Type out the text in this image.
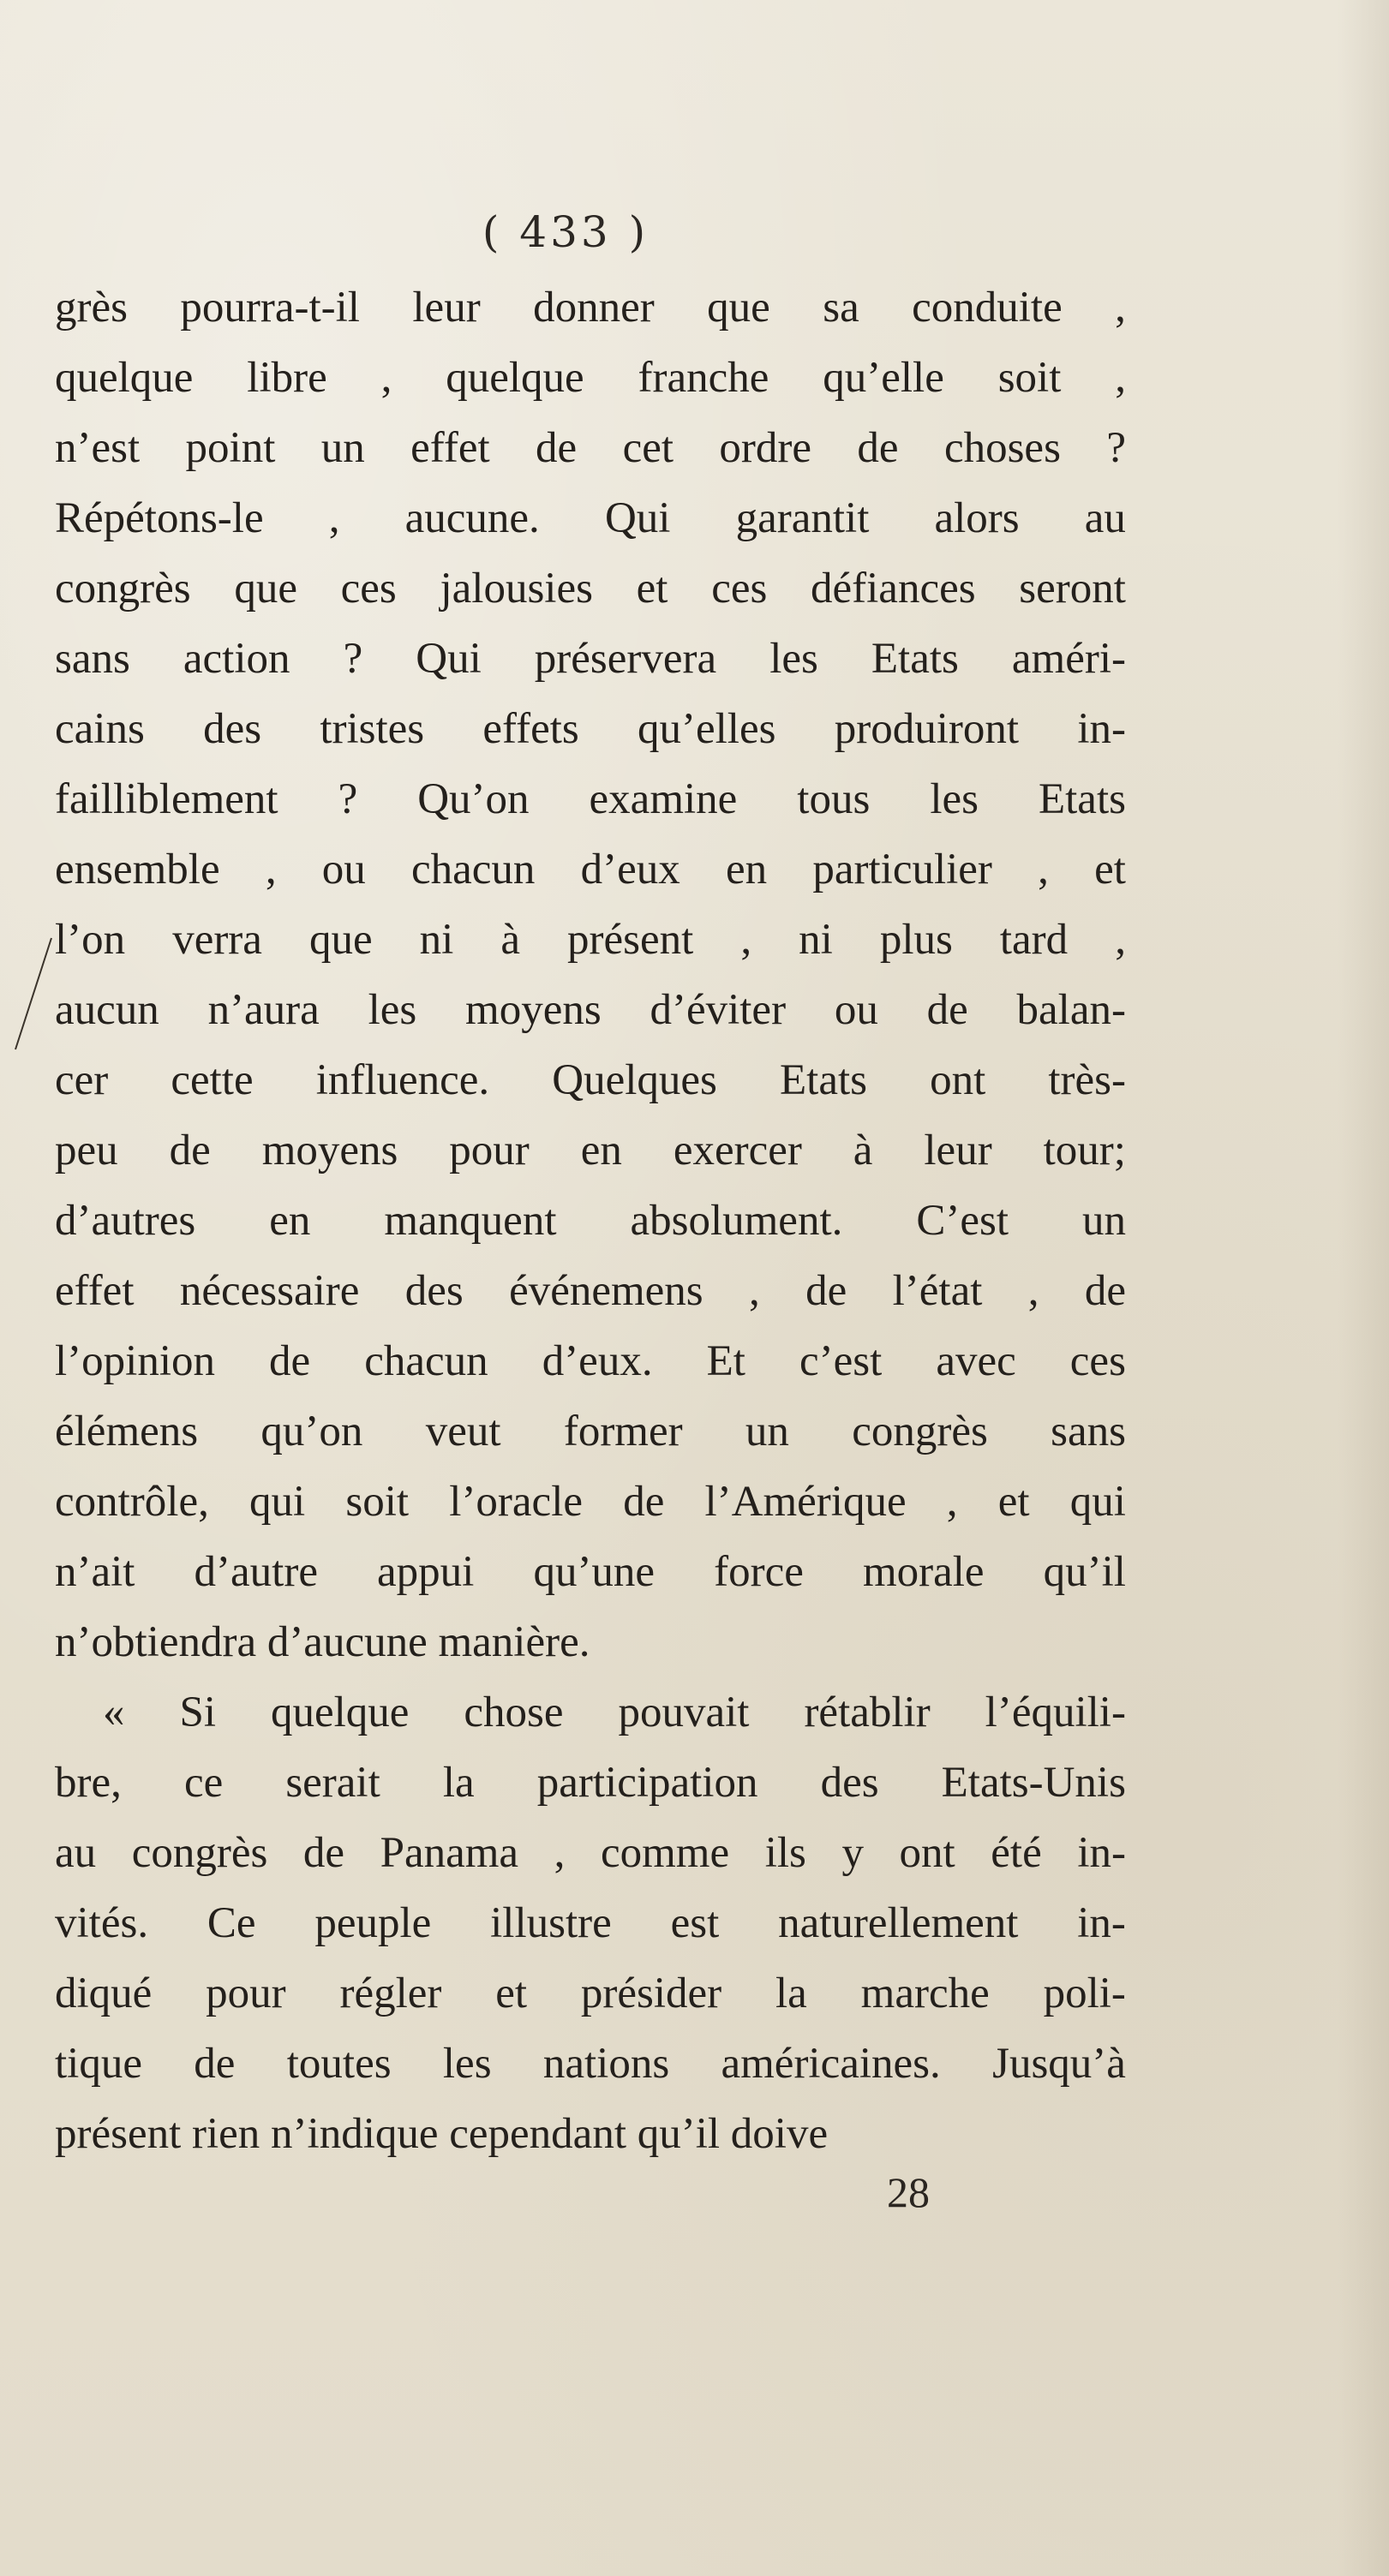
( 433 )
grès pourra-t-il leur donner que sa conduite ,
quelque libre , quelque franche qu’elle soit ,
n’est point un effet de cet ordre de choses ?
Répétons-le , aucune. Qui garantit alors au
congrès que ces jalousies et ces défiances seront
sans action ? Qui préservera les Etats améri-
cains des tristes effets qu’elles produiront in-
failliblement ? Qu’on examine tous les Etats
ensemble , ou chacun d’eux en particulier , et
l’on verra que ni à présent , ni plus tard ,
aucun n’aura les moyens d’éviter ou de balan-
cer cette influence. Quelques Etats ont très-
peu de moyens pour en exercer à leur tour;
d’autres en manquent absolument. C’est un
effet nécessaire des événemens , de l’état , de
l’opinion de chacun d’eux. Et c’est avec ces
élémens qu’on veut former un congrès sans
contrôle, qui soit l’oracle de l’Amérique , et qui
n’ait d’autre appui qu’une force morale qu’il
n’obtiendra d’aucune manière.
« Si quelque chose pouvait rétablir l’équili-
bre, ce serait la participation des Etats-Unis
au congrès de Panama , comme ils y ont été in-
vités. Ce peuple illustre est naturellement in-
diqué pour régler et présider la marche poli-
tique de toutes les nations américaines. Jusqu’à
présent rien n’indique cependant qu’il doive
28
